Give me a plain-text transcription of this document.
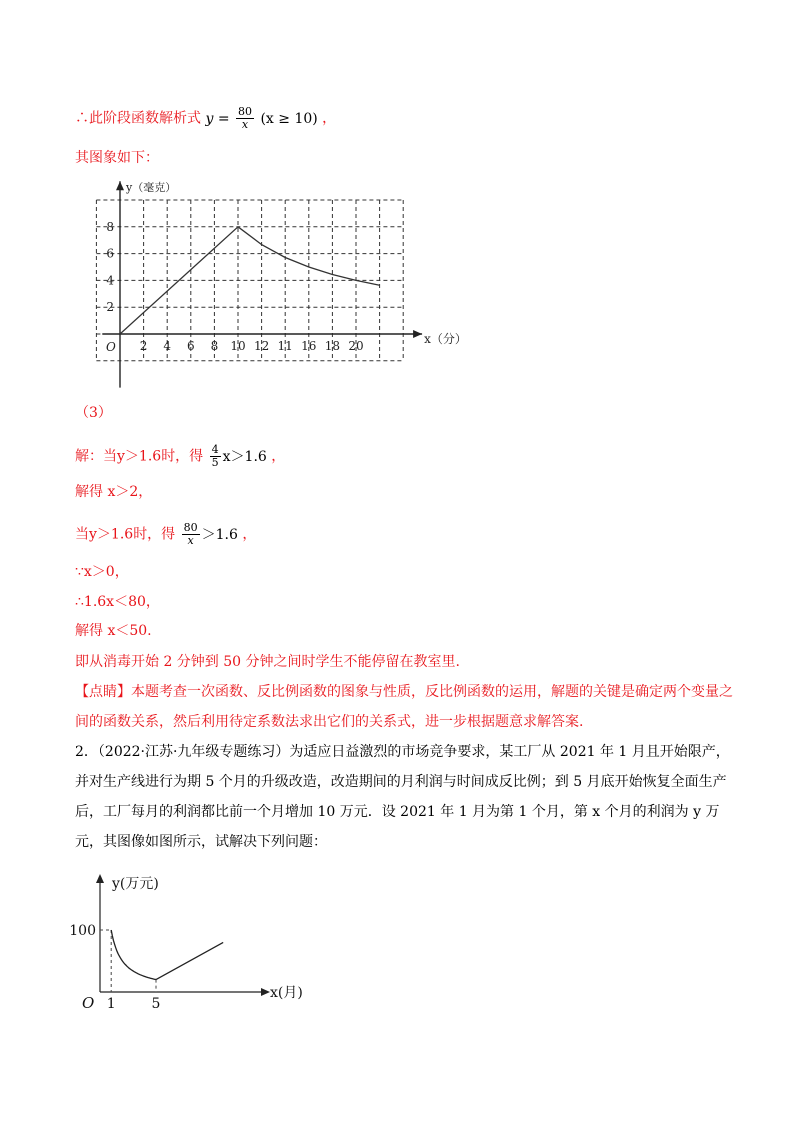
∴此阶段函数解析式 $y = \frac{80}{x} (x \ge 10)$ ，
其图象如下：
2 4 6 8 10 12 11 16 18 20
2
4
6
8
O
y（毫克）
x（分）
（3）
解：当y＞1.6时，得 $\frac{4}{5} x>1.6$ ，
解得 x＞2，
当y＞1.6时，得 $\frac{80}{x} >1.6$ ，
∵x＞0，
∴1.6x＜80，
解得 x＜50.
即从消毒开始 2 分钟到 50 分钟之间时学生不能停留在教室里.
【点睛】本题考查一次函数、反比例函数的图象与性质，反比例函数的运用，解题的关键是确定两个变量之间的函数关系，然后利用待定系数法求出它们的关系式，进一步根据题意求解答案.
2．（2022·江苏·九年级专题练习）为适应日益激烈的市场竞争要求，某工厂从 2021 年 1 月且开始限产，并对生产线进行为期 5 个月的升级改造，改造期间的月利润与时间成反比例；到 5 月底开始恢复全面生产后，工厂每月的利润都比前一个月增加 10 万元．设 2021 年 1 月为第 1 个月，第 x 个月的利润为 y 万元，其图像如图所示，试解决下列问题：
100
1	5
O
y(万元)
x(月)
